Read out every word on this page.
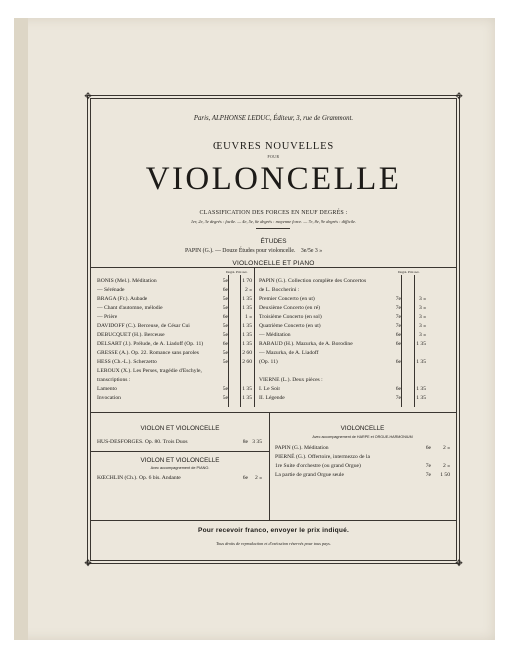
✥	✥
✥	✥
Paris, ALPHONSE LEDUC, Éditeur, 3, rue de Grammont.
ŒUVRES NOUVELLES
POUR
VIOLONCELLE
CLASSIFICATION DES FORCES EN NEUF DEGRÉS :
1er, 2e, 3e degrés : facile. — 4e, 5e, 6e degrés : moyenne force. — 7e, 8e, 9e degrés : difficile.
ÉTUDES
PAPIN (G.). — Douze Études pour violoncelle. 3e/5e 3 »
VIOLONCELLE ET PIANO
Degré. Prix net.	Degré. Prix net.
BONIS (Mel.). Méditation	5e	1 70
— Sérénade	6e	2 »
BRAGA (Fr.). Aubade	5e	1 35
— Chant d'automne, mélodie	5e	1 35
— Prière	6e	1 »
DAVIDOFF (C.). Berceuse, de César Cui	5e	1 35
DEBUCQUET (H.). Berceuse	5e	1 35
DELSART (J.). Prélude, de A. Liadoff (Op. 11)	6e	1 35
GRESSE (A.). Op. 22. Romance sans paroles	5e	2 60
HESS (Ch.-L.). Scherzetto	5e	2 60
LEROUX (X.). Les Perses, tragédie d'Eschyle,
transcriptions :
Lamento	5e	1 35
Invocation	5e	1 35
PAPIN (G.). Collection complète des Concertos
de L. Boccherini :
Premier Concerto (en ut)	7e	3 »
Deuxième Concerto (en ré)	7e	3 »
Troisième Concerto (en sol)	7e	3 »
Quatrième Concerto (en ut)	7e	3 »
— Méditation	6e	3 »
RABAUD (H.). Mazurka, de A. Borodine	6e	1 35
— Mazurka, de A. Liadoff
(Op. 11)	6e	1 35
VIERNE (L.). Deux pièces :
I. Le Soir	6e	1 35
II. Légende	7e	1 35
VIOLON ET VIOLONCELLE
HUS-DESFORGES. Op. 80. Trois Duos	8e 3 35
VIOLON ET VIOLONCELLE
Avec accompagnement de PIANO.
KŒCHLIN (Ch.). Op. 6 bis. Andante	6e	2 »
VIOLONCELLE
Avec accompagnement de HARPE et ORGUE-HARMONIUM
PAPIN (G.). Méditation	6e	2 »
PIERNÉ (G.). Offertoire, intermezzo de la
1re Suite d'orchestre (ou grand Orgue)	7e	2 »
La partie de grand Orgue seule	7e	1 50
Pour recevoir franco, envoyer le prix indiqué.
Tous droits de reproduction et d'exécution réservés pour tous pays.
